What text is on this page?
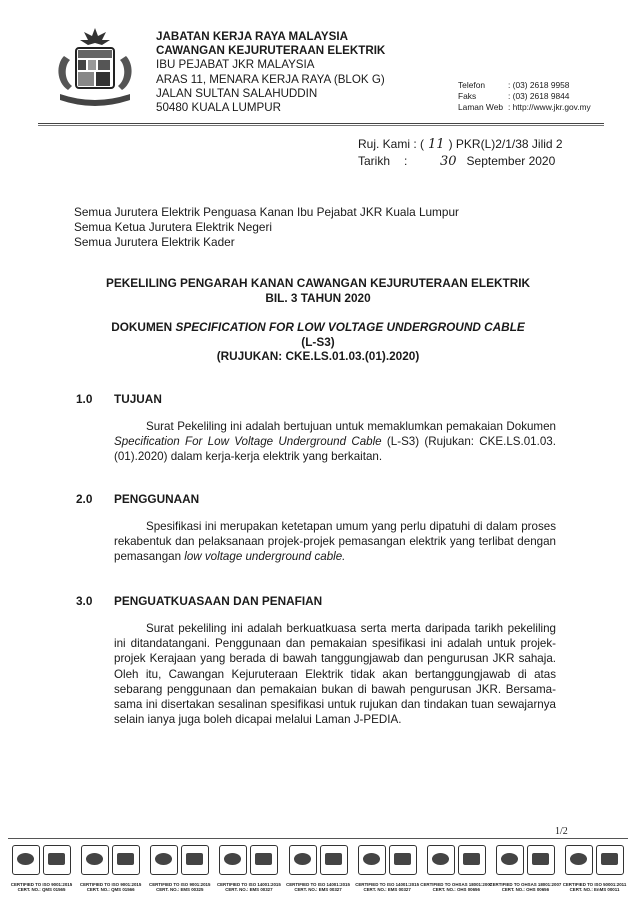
JABATAN KERJA RAYA MALAYSIA
CAWANGAN KEJURUTERAAN ELEKTRIK
IBU PEJABAT JKR MALAYSIA
ARAS 11, MENARA KERJA RAYA (BLOK G)
JALAN SULTAN SALAHUDDIN
50480 KUALA LUMPUR
Telefon	: (03) 2618 9958
Faks	: (03) 2618 9844
Laman Web : http://www.jkr.gov.my
Ruj. Kami : ( 11 ) PKR(L)2/1/38 Jilid 2
Tarikh	:	30 September 2020
Semua Jurutera Elektrik Penguasa Kanan Ibu Pejabat JKR Kuala Lumpur
Semua Ketua Jurutera Elektrik Negeri
Semua Jurutera Elektrik Kader
PEKELILING PENGARAH KANAN CAWANGAN KEJURUTERAAN ELEKTRIK
BIL. 3 TAHUN 2020
DOKUMEN SPECIFICATION FOR LOW VOLTAGE UNDERGROUND CABLE
(L-S3)
(RUJUKAN: CKE.LS.01.03.(01).2020)
1.0	TUJUAN
Surat Pekeliling ini adalah bertujuan untuk memaklumkan pemakaian Dokumen Specification For Low Voltage Underground Cable (L-S3) (Rujukan: CKE.LS.01.03.(01).2020) dalam kerja-kerja elektrik yang berkaitan.
2.0	PENGGUNAAN
Spesifikasi ini merupakan ketetapan umum yang perlu dipatuhi di dalam proses rekabentuk dan pelaksanaan projek-projek pemasangan elektrik yang terlibat dengan pemasangan low voltage underground cable.
3.0	PENGUATKUASAAN DAN PENAFIAN
Surat pekeliling ini adalah berkuatkuasa serta merta daripada tarikh pekeliling ini ditandatangani. Penggunaan dan pemakaian spesifikasi ini adalah untuk projek-projek Kerajaan yang berada di bawah tanggungjawab dan pengurusan JKR sahaja. Oleh itu, Cawangan Kejuruteraan Elektrik tidak akan bertanggungjawab di atas sebarang penggunaan dan pemakaian bukan di bawah pengurusan JKR. Bersama-sama ini disertakan sesalinan spesifikasi untuk rujukan dan tindakan tuan sewajarnya selain ianya juga boleh dicapai melalui Laman J-PEDIA.
1/2
CERTIFIED TO ISO 9001:2015
CERT. NO.: QMS 01565
CERTIFIED TO ISO 9001:2015
CERT. NO.: QMS 01566
CERTIFIED TO ISO 9001:2015
CERT. NO.: EMS 00325
CERTIFIED TO ISO 14001:2015
CERT. NO.: EMS 00327
CERTIFIED TO ISO 14001:2015
CERT. NO.: EMS 00327
CERTIFIED TO ISO 14001:2015
CERT. NO.: EMS 00327
CERTIFIED TO OHSAS 18001:2007
CERT. NO.: OHS 00656
CERTIFIED TO OHSAS 18001:2007
CERT. NO.: OHS 00656
CERTIFIED TO ISO 50001:2011
CERT. NO.: EnMS 00011
